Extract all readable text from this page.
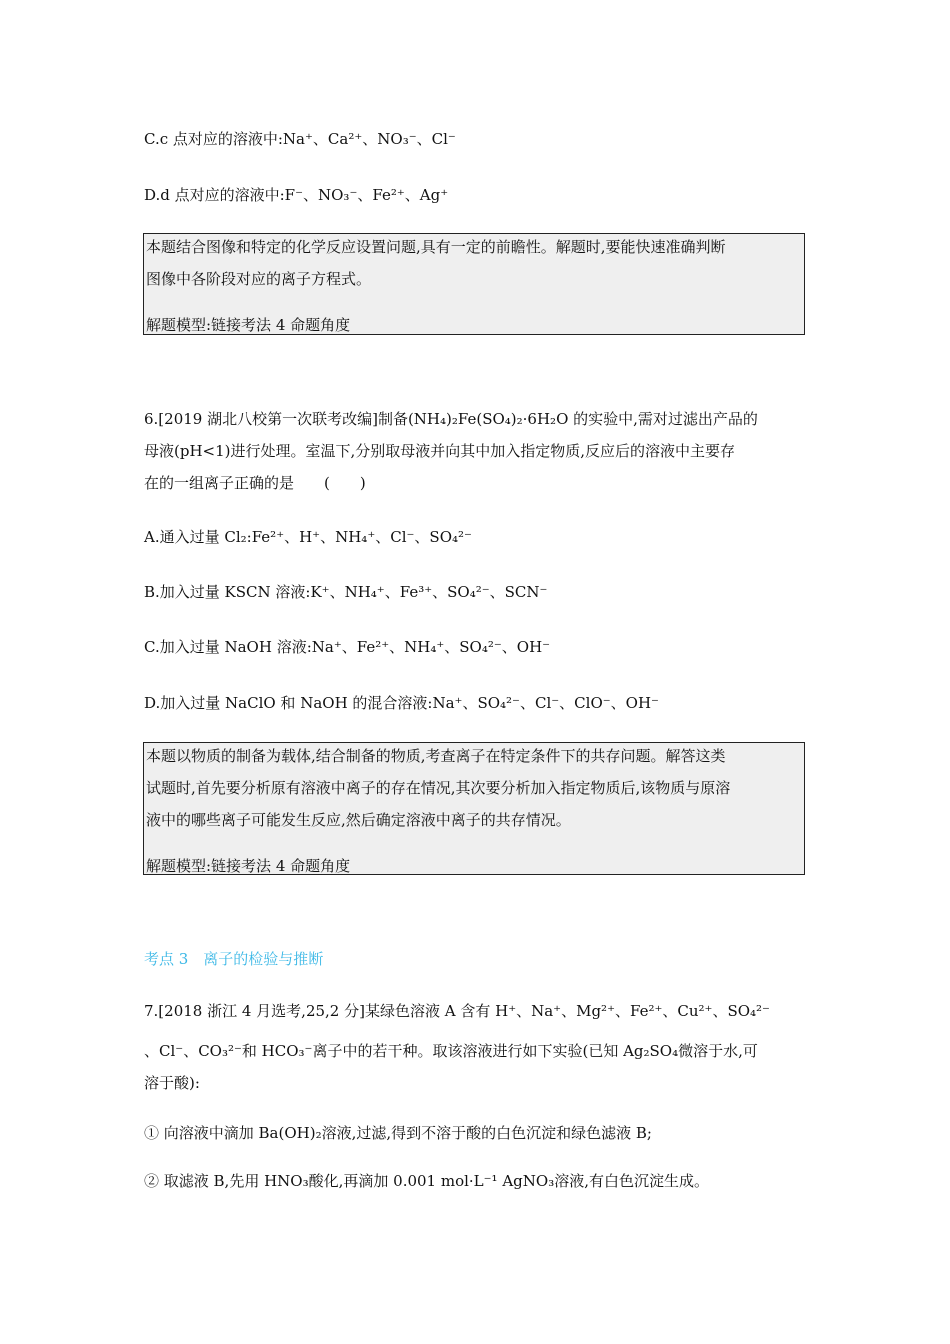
C.c 点对应的溶液中:Na⁺、Ca²⁺、NO₃⁻、Cl⁻
D.d 点对应的溶液中:F⁻、NO₃⁻、Fe²⁺、Ag⁺
本题结合图像和特定的化学反应设置问题,具有一定的前瞻性。解题时,要能快速准确判断
图像中各阶段对应的离子方程式。
解题模型:链接考法 4 命题角度
6.[2019 湖北八校第一次联考改编]制备(NH₄)₂Fe(SO₄)₂·6H₂O 的实验中,需对过滤出产品的
母液(pH<1)进行处理。室温下,分别取母液并向其中加入指定物质,反应后的溶液中主要存
在的一组离子正确的是　　(　　)
A.通入过量 Cl₂:Fe²⁺、H⁺、NH₄⁺、Cl⁻、SO₄²⁻
B.加入过量 KSCN 溶液:K⁺、NH₄⁺、Fe³⁺、SO₄²⁻、SCN⁻
C.加入过量 NaOH 溶液:Na⁺、Fe²⁺、NH₄⁺、SO₄²⁻、OH⁻
D.加入过量 NaClO 和 NaOH 的混合溶液:Na⁺、SO₄²⁻、Cl⁻、ClO⁻、OH⁻
本题以物质的制备为载体,结合制备的物质,考查离子在特定条件下的共存问题。解答这类
试题时,首先要分析原有溶液中离子的存在情况,其次要分析加入指定物质后,该物质与原溶
液中的哪些离子可能发生反应,然后确定溶液中离子的共存情况。
解题模型:链接考法 4 命题角度
考点 3　离子的检验与推断
7.[2018 浙江 4 月选考,25,2 分]某绿色溶液 A 含有 H⁺、Na⁺、Mg²⁺、Fe²⁺、Cu²⁺、SO₄²⁻
、Cl⁻、CO₃²⁻和 HCO₃⁻离子中的若干种。取该溶液进行如下实验(已知 Ag₂SO₄微溶于水,可
溶于酸):
① 向溶液中滴加 Ba(OH)₂溶液,过滤,得到不溶于酸的白色沉淀和绿色滤液 B;
② 取滤液 B,先用 HNO₃酸化,再滴加 0.001 mol·L⁻¹ AgNO₃溶液,有白色沉淀生成。
